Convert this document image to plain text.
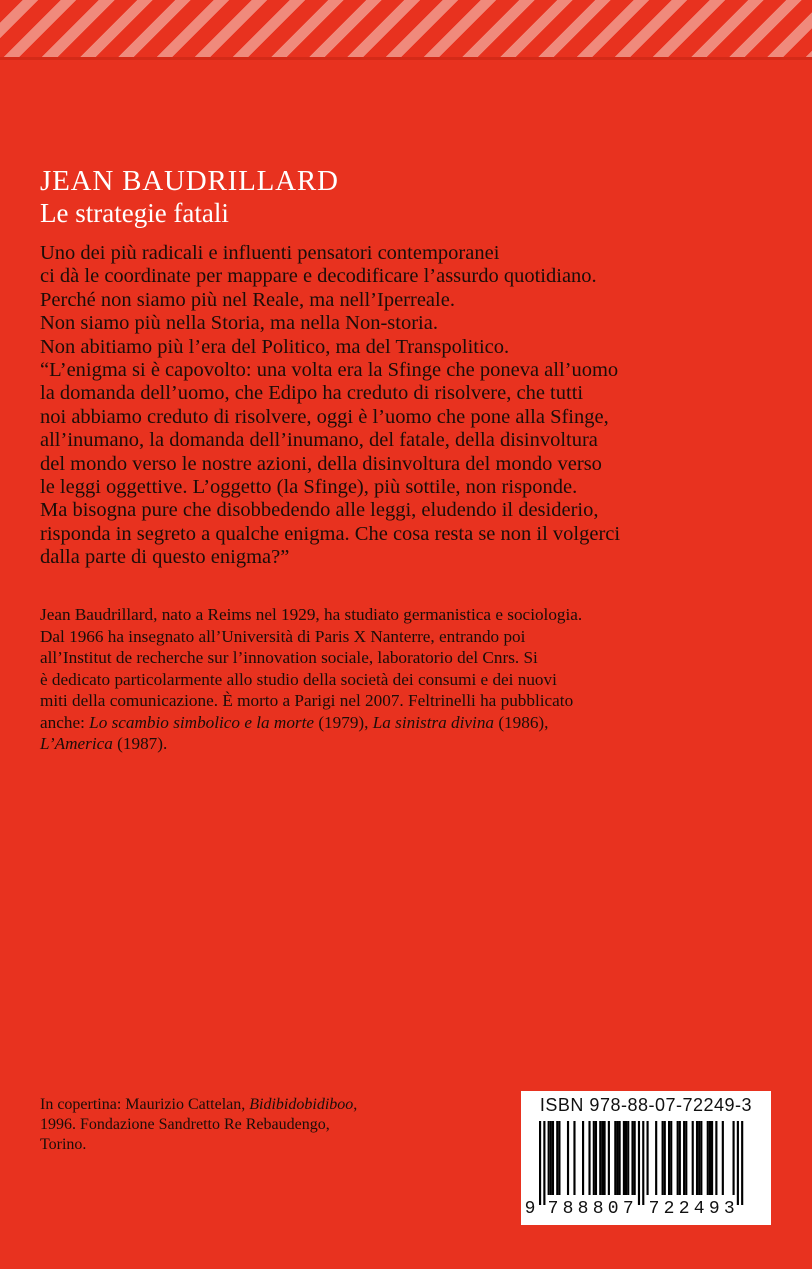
JEAN BAUDRILLARD
Le strategie fatali
Uno dei più radicali e influenti pensatori contemporanei
ci dà le coordinate per mappare e decodificare l’assurdo quotidiano.
Perché non siamo più nel Reale, ma nell’Iperreale.
Non siamo più nella Storia, ma nella Non-storia.
Non abitiamo più l’era del Politico, ma del Transpolitico.
“L’enigma si è capovolto: una volta era la Sfinge che poneva all’uomo
la domanda dell’uomo, che Edipo ha creduto di risolvere, che tutti
noi abbiamo creduto di risolvere, oggi è l’uomo che pone alla Sfinge,
all’inumano, la domanda dell’inumano, del fatale, della disinvoltura
del mondo verso le nostre azioni, della disinvoltura del mondo verso
le leggi oggettive. L’oggetto (la Sfinge), più sottile, non risponde.
Ma bisogna pure che disobbedendo alle leggi, eludendo il desiderio,
risponda in segreto a qualche enigma. Che cosa resta se non il volgerci
dalla parte di questo enigma?”
Jean Baudrillard, nato a Reims nel 1929, ha studiato germanistica e sociologia.
Dal 1966 ha insegnato all’Università di Paris X Nanterre, entrando poi
all’Institut de recherche sur l’innovation sociale, laboratorio del Cnrs. Si
è dedicato particolarmente allo studio della società dei consumi e dei nuovi
miti della comunicazione. È morto a Parigi nel 2007. Feltrinelli ha pubblicato
anche: Lo scambio simbolico e la morte (1979), La sinistra divina (1986),
L’America (1987).
In copertina: Maurizio Cattelan, Bidibidobidiboo,
1996. Fondazione Sandretto Re Rebaudengo,
Torino.
ISBN 978-88-07-72249-3
9 7 8 8 8 0 7 7 2 2 4 9 3
